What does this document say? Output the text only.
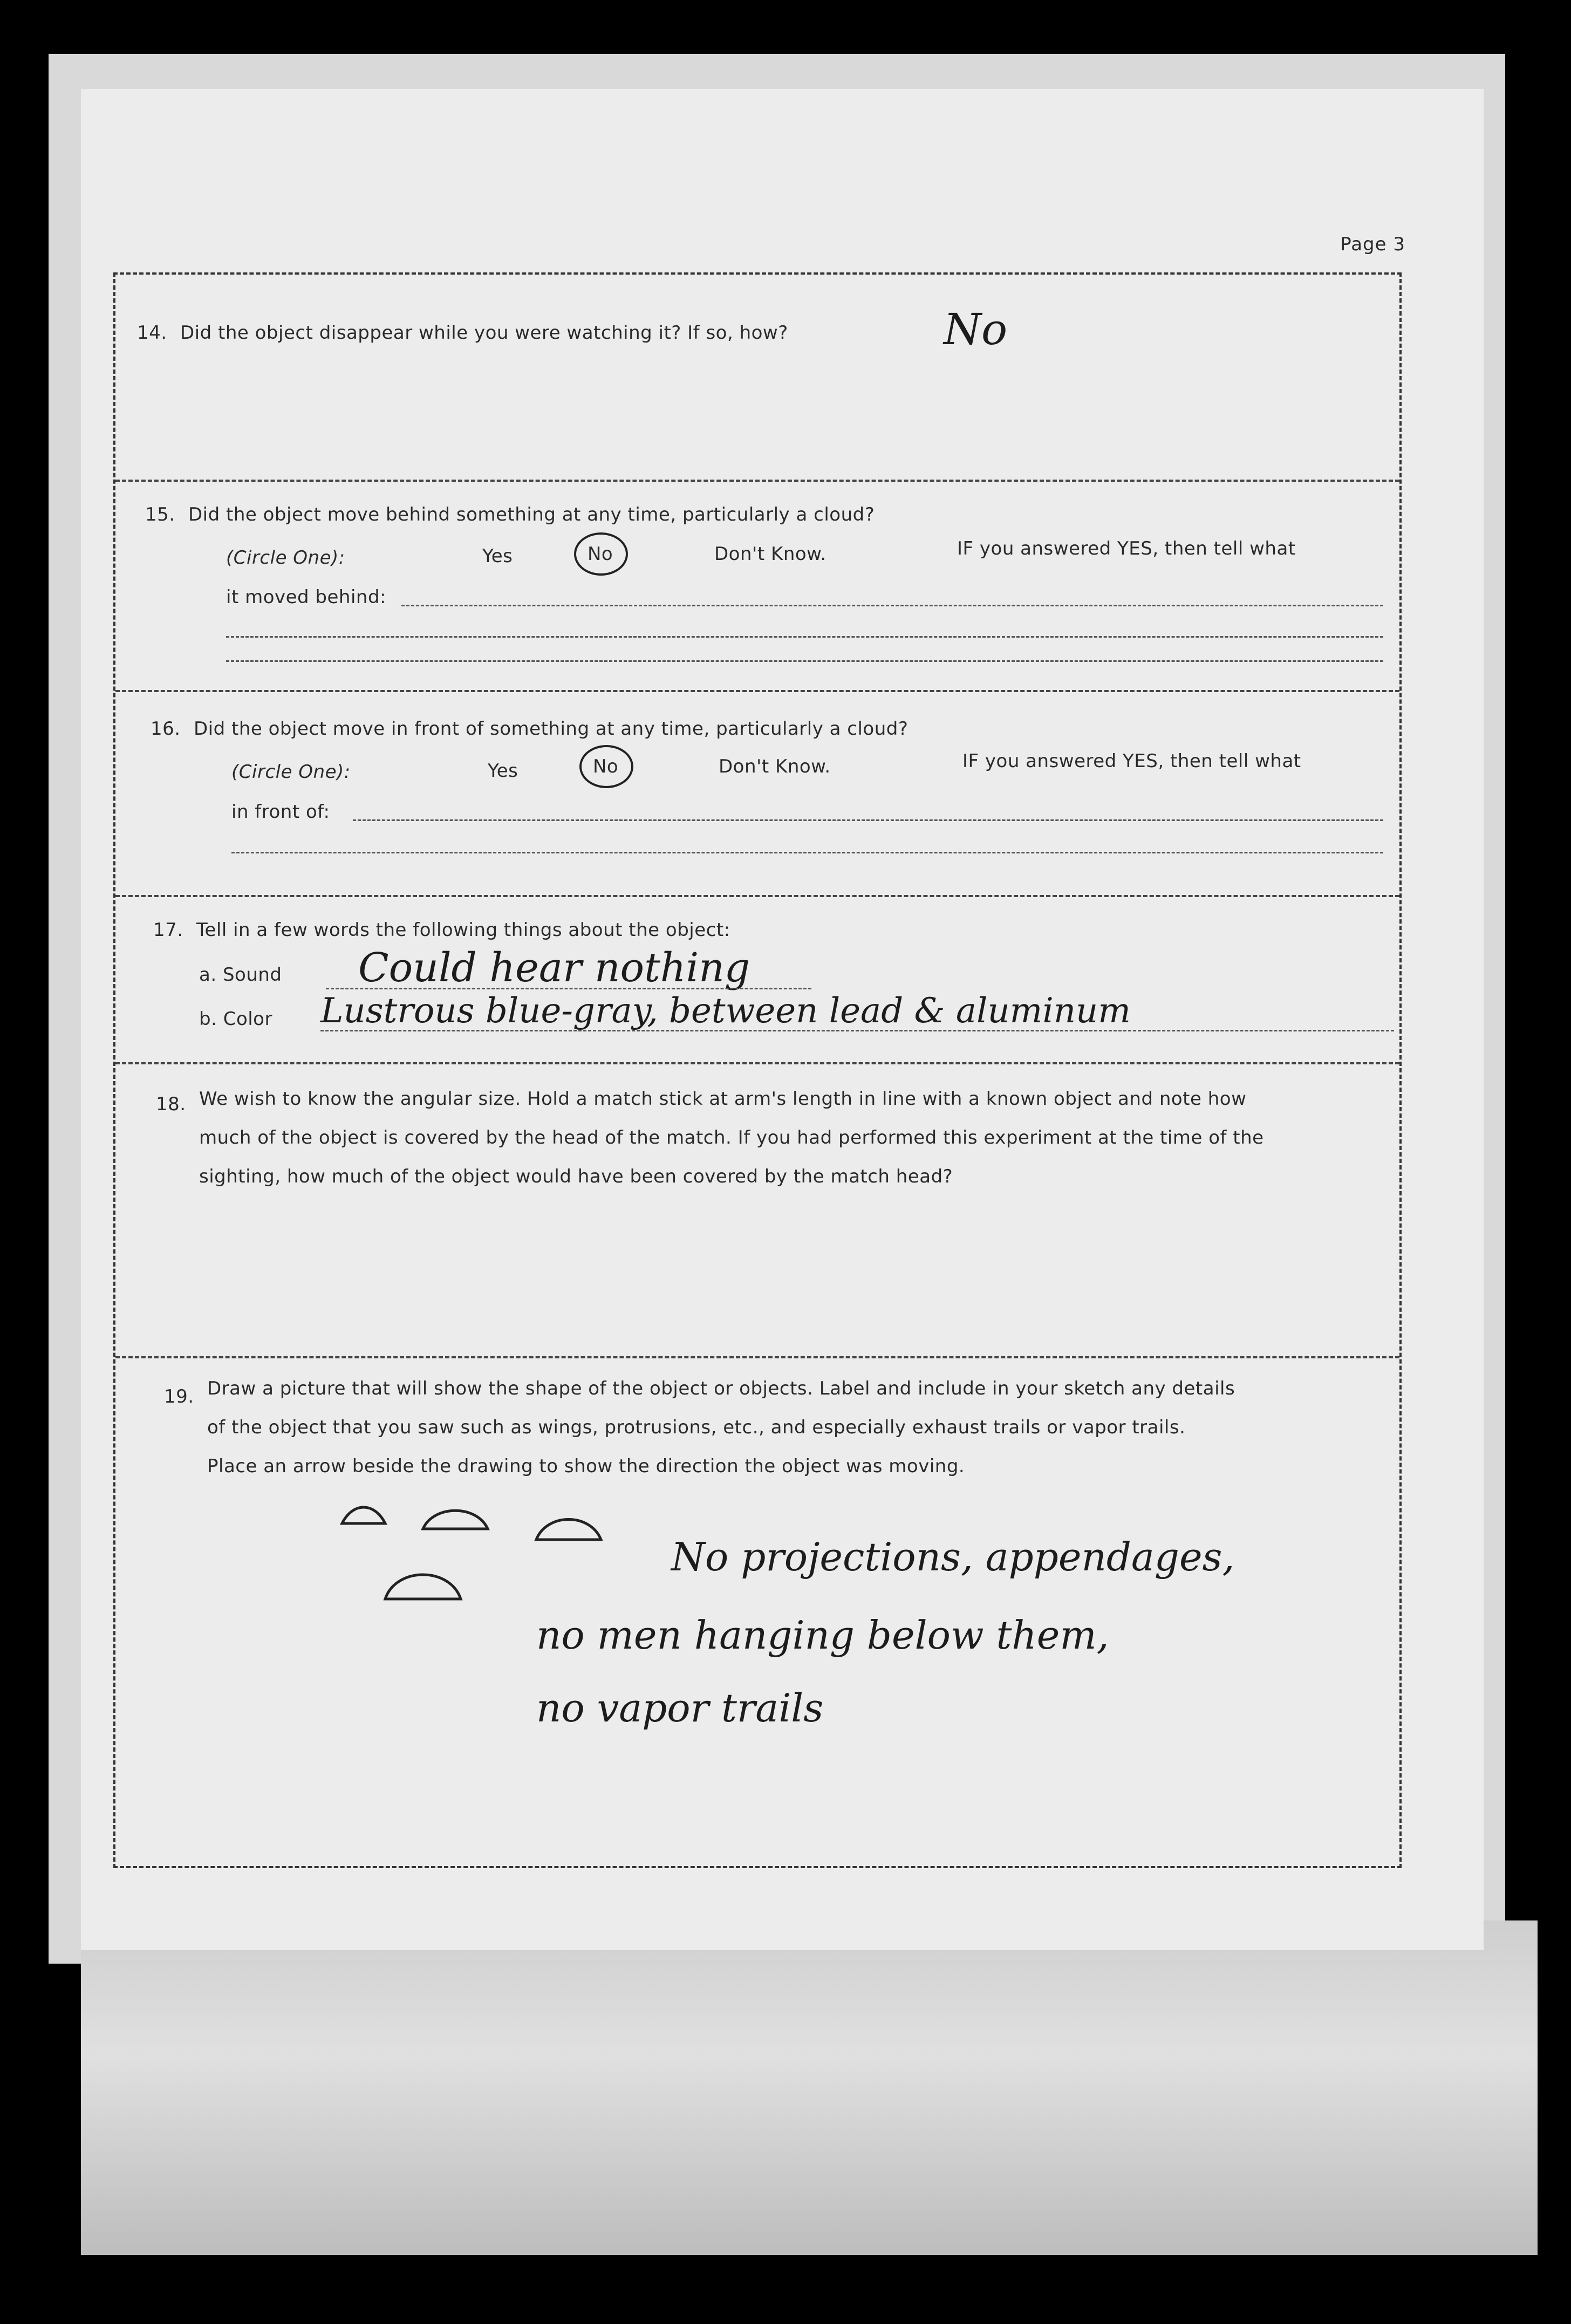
Page 3
14. Did the object disappear while you were watching it? If so, how?	No
15. Did the object move behind something at any time, particularly a cloud?
(Circle One):	Yes	No	Don't Know.	IF you answered YES, then tell what
it moved behind:
16. Did the object move in front of something at any time, particularly a cloud?
(Circle One):	Yes	No	Don't Know.	IF you answered YES, then tell what
in front of:
17. Tell in a few words the following things about the object:
a. Sound Could hear nothing
b. Color Lustrous blue-gray, between lead & aluminum
18. We wish to know the angular size. Hold a match stick at arm's length in line with a known object and note how
much of the object is covered by the head of the match. If you had performed this experiment at the time of the
sighting, how much of the object would have been covered by the match head?
19. Draw a picture that will show the shape of the object or objects. Label and include in your sketch any details
of the object that you saw such as wings, protrusions, etc., and especially exhaust trails or vapor trails.
Place an arrow beside the drawing to show the direction the object was moving.
No projections, appendages,
no men hanging below them,
no vapor trails
